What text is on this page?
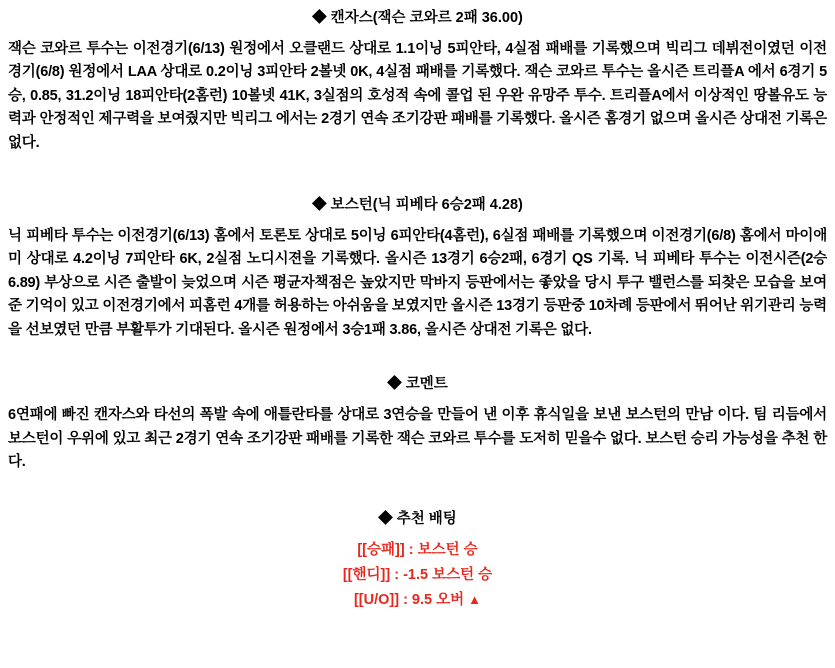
◆ 캔자스(잭슨 코와르 2패 36.00)
잭슨 코와르 투수는 이전경기(6/13) 원정에서 오클랜드 상대로 1.1이닝 5피안타, 4실점 패배를 기록했으며 빅리그 데뷔전이였던 이전경기(6/8) 원정에서 LAA 상대로 0.2이닝 3피안타 2볼넷 0K, 4실점 패배를 기록했다. 잭슨 코와르 투수는 올시즌 트리플A 에서 6경기 5승, 0.85, 31.2이닝 18피안타(2홈런) 10볼넷 41K, 3실점의 호성적 속에 콜업 된 우완 유망주 투수. 트리플A에서 이상적인 땅볼유도 능력과 안정적인 제구력을 보여줬지만 빅리그 에서는 2경기 연속 조기강판 패배를 기록했다. 올시즌 홈경기 없으며 올시즌 상대전 기록은 없다.
◆ 보스턴(닉 피베타 6승2패 4.28)
닉 피베타 투수는 이전경기(6/13) 홈에서 토론토 상대로 5이닝 6피안타(4홈런), 6실점 패배를 기록했으며 이전경기(6/8) 홈에서 마이애미 상대로 4.2이닝 7피안타 6K, 2실점 노디시젼을 기록했다. 올시즌 13경기 6승2패, 6경기 QS 기록. 닉 피베타 투수는 이전시즌(2승 6.89) 부상으로 시즌 출발이 늦었으며 시즌 평균자책점은 높았지만 막바지 등판에서는 좋았을 당시 투구 밸런스를 되찾은 모습을 보여준 기억이 있고 이전경기에서 피홈런 4개를 허용하는 아쉬움을 보였지만 올시즌 13경기 등판중 10차례 등판에서 뛰어난 위기관리 능력을 선보였던 만큼 부활투가 기대된다. 올시즌 원정에서 3승1패 3.86, 올시즌 상대전 기록은 없다.
◆ 코멘트
6연패에 빠진 캔자스와 타선의 폭발 속에 애틀란타를 상대로 3연승을 만들어 낸 이후 휴식일을 보낸 보스턴의 만남 이다. 팀 리듬에서 보스턴이 우위에 있고 최근 2경기 연속 조기강판 패배를 기록한 잭슨 코와르 투수를 도저히 믿을수 없다. 보스턴 승리 가능성을 추천 한다.
◆ 추천 배팅
[[승패]] : 보스턴 승
[[핸디]] : -1.5 보스턴 승
[[U/O]] : 9.5 오버 ▲
